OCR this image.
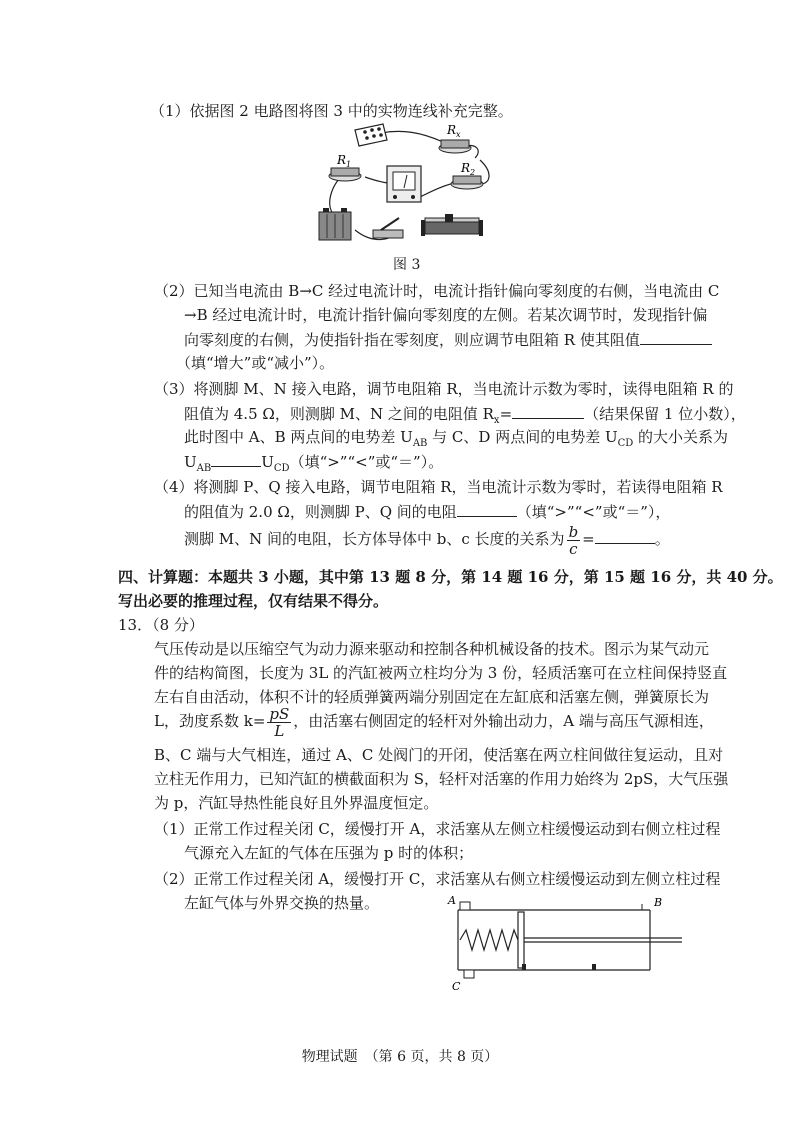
（1）依据图 2 电路图将图 3 中的实物连线补充完整。
$R_x$
$R_1$	$R_2$
图 3
（2）已知当电流由 B→C 经过电流计时，电流计指针偏向零刻度的右侧，当电流由 C
→B 经过电流计时，电流计指针偏向零刻度的左侧。若某次调节时，发现指针偏
向零刻度的右侧，为使指针指在零刻度，则应调节电阻箱 R 使其阻值
（填“增大”或“减小”）。
（3）将测脚 M、N 接入电路，调节电阻箱 R，当电流计示数为零时，读得电阻箱 R 的
阻值为 4.5 Ω，则测脚 M、N 之间的电阻值 $R_x=$	（结果保留 1 位小数），
此时图中 A、B 两点间的电势差 $U_{AB}$ 与 C、D 两点间的电势差 $U_{CD}$ 的大小关系为
$U_{AB}$	$U_{CD}$（填“>”“<”或“＝”）。
（4）将测脚 P、Q 接入电路，调节电阻箱 R，当电流计示数为零时，若读得电阻箱 R
的阻值为 2.0 Ω，则测脚 P、Q 间的电阻	（填“>”“<”或“＝”），
测脚 M、N 间的电阻，长方体导体中 b、c 长度的关系为 $\frac{b}{c}$ =	。
四、计算题：本题共 3 小题，其中第 13 题 8 分，第 14 题 16 分，第 15 题 16 分，共 40 分。
写出必要的推理过程，仅有结果不得分。
13．（8 分）
气压传动是以压缩空气为动力源来驱动和控制各种机械设备的技术。图示为某气动元
件的结构简图，长度为 3L 的汽缸被两立柱均分为 3 份，轻质活塞可在立柱间保持竖直
左右自由活动，体积不计的轻质弹簧两端分别固定在左缸底和活塞左侧，弹簧原长为
L，劲度系数 $k= \frac{pS}{L}$ ，由活塞右侧固定的轻杆对外输出动力，A 端与高压气源相连，
B、C 端与大气相连，通过 A、C 处阀门的开闭，使活塞在两立柱间做往复运动，且对
立柱无作用力，已知汽缸的横截面积为 S，轻杆对活塞的作用力始终为 2pS，大气压强
为 p，汽缸导热性能良好且外界温度恒定。
（1）正常工作过程关闭 C，缓慢打开 A，求活塞从左侧立柱缓慢运动到右侧立柱过程
气源充入左缸的气体在压强为 p 时的体积；
（2）正常工作过程关闭 A，缓慢打开 C，求活塞从右侧立柱缓慢运动到左侧立柱过程
左缸气体与外界交换的热量。	A	B
C
物理试题　（第 6 页，共 8 页）
